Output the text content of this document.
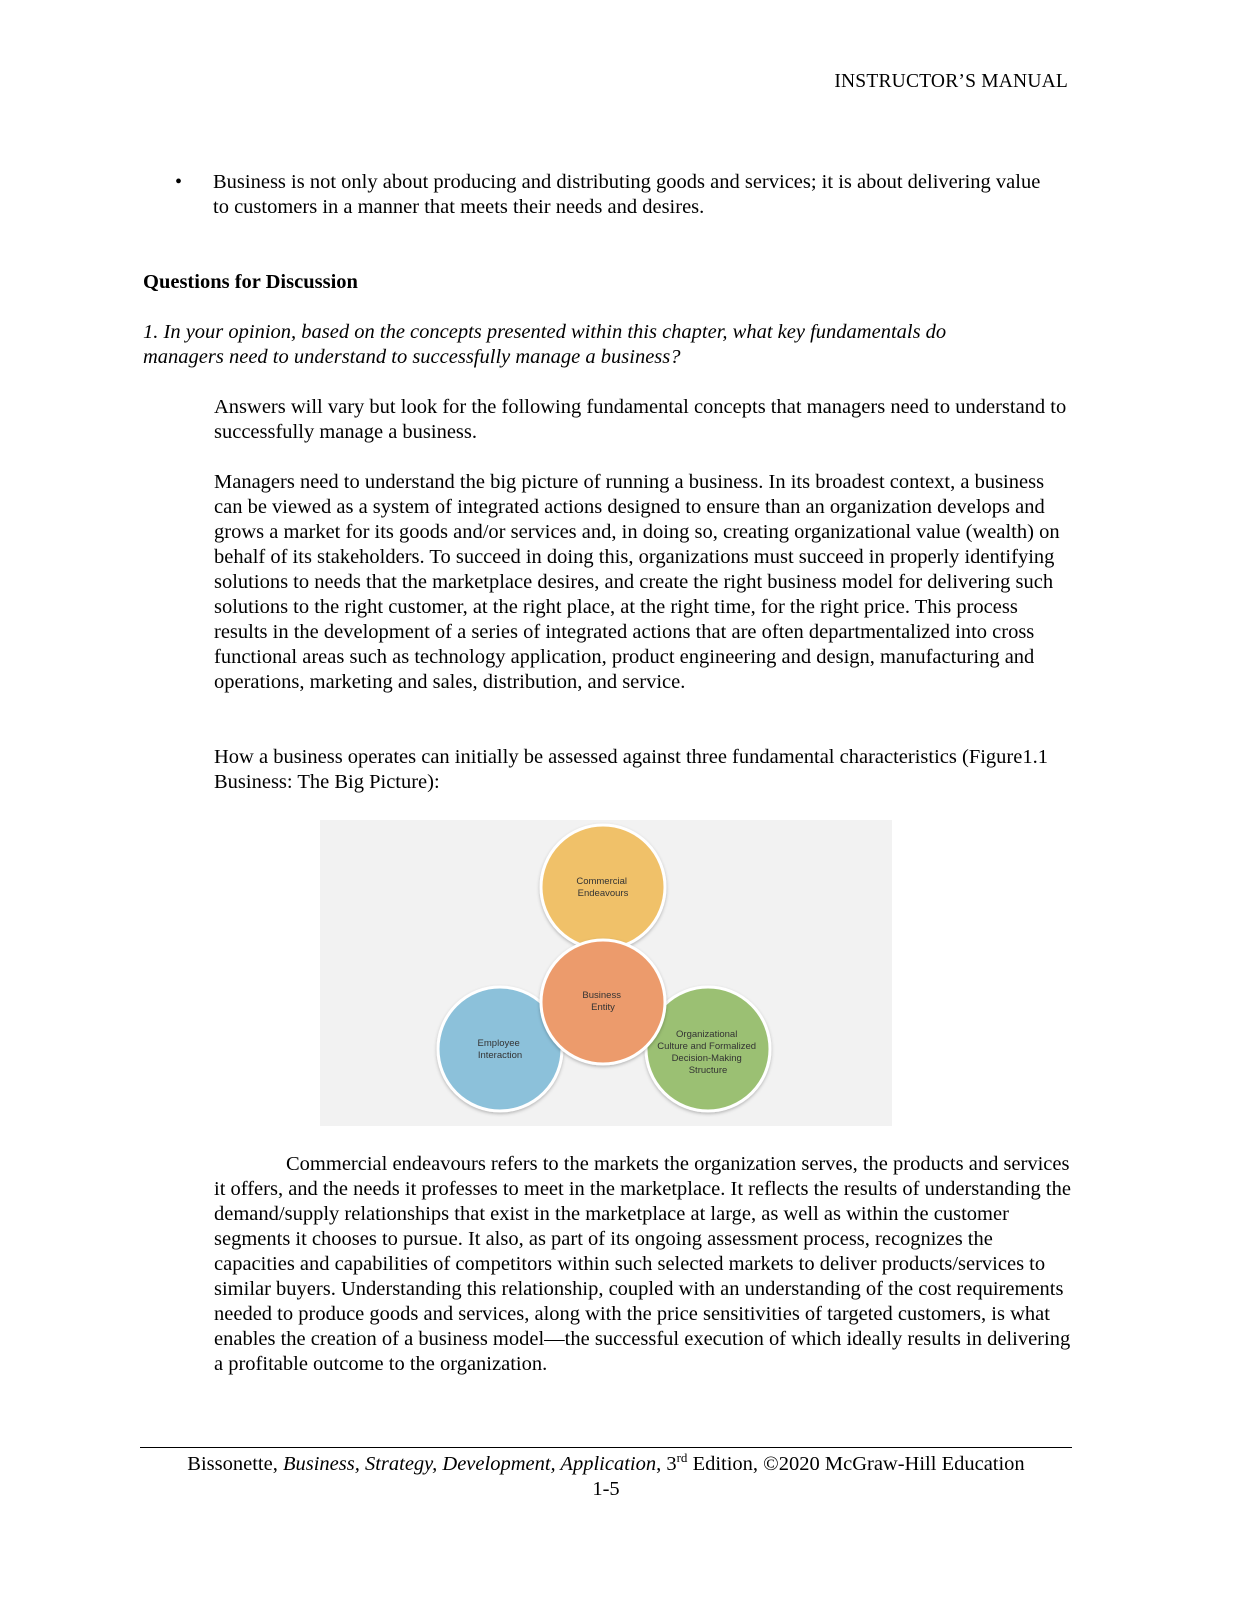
INSTRUCTOR’S MANUAL
•	Business is not only about producing and distributing goods and services; it is about delivering value to customers in a manner that meets their needs and desires.
Questions for Discussion
1. In your opinion, based on the concepts presented within this chapter, what key fundamentals do managers need to understand to successfully manage a business?

Answers will vary but look for the following fundamental concepts that managers need to understand to successfully manage a business.

Managers need to understand the big picture of running a business. In its broadest context, a business can be viewed as a system of integrated actions designed to ensure than an organization develops and grows a market for its goods and/or services and, in doing so, creating organizational value (wealth) on behalf of its stakeholders. To succeed in doing this, organizations must succeed in properly identifying solutions to needs that the marketplace desires, and create the right business model for delivering such solutions to the right customer, at the right place, at the right time, for the right price. This process results in the development of a series of integrated actions that are often departmentalized into cross functional areas such as technology application, product engineering and design, manufacturing and operations, marketing and sales, distribution, and service.

How a business operates can initially be assessed against three fundamental characteristics (Figure1.1 Business: The Big Picture):

Commercial Endeavours
Employee Interaction
Organizational Culture and Formalized Decision-Making Structure
Business Entity

Commercial endeavours refers to the markets the organization serves, the products and services it offers, and the needs it professes to meet in the marketplace. It reflects the results of understanding the demand/supply relationships that exist in the marketplace at large, as well as within the customer segments it chooses to pursue. It also, as part of its ongoing assessment process, recognizes the capacities and capabilities of competitors within such selected markets to deliver products/services to similar buyers. Understanding this relationship, coupled with an understanding of the cost requirements needed to produce goods and services, along with the price sensitivities of targeted customers, is what enables the creation of a business model—the successful execution of which ideally results in delivering a profitable outcome to the organization.

Bissonette, Business, Strategy, Development, Application, 3rd Edition, ©2020 McGraw-Hill Education
1-5
